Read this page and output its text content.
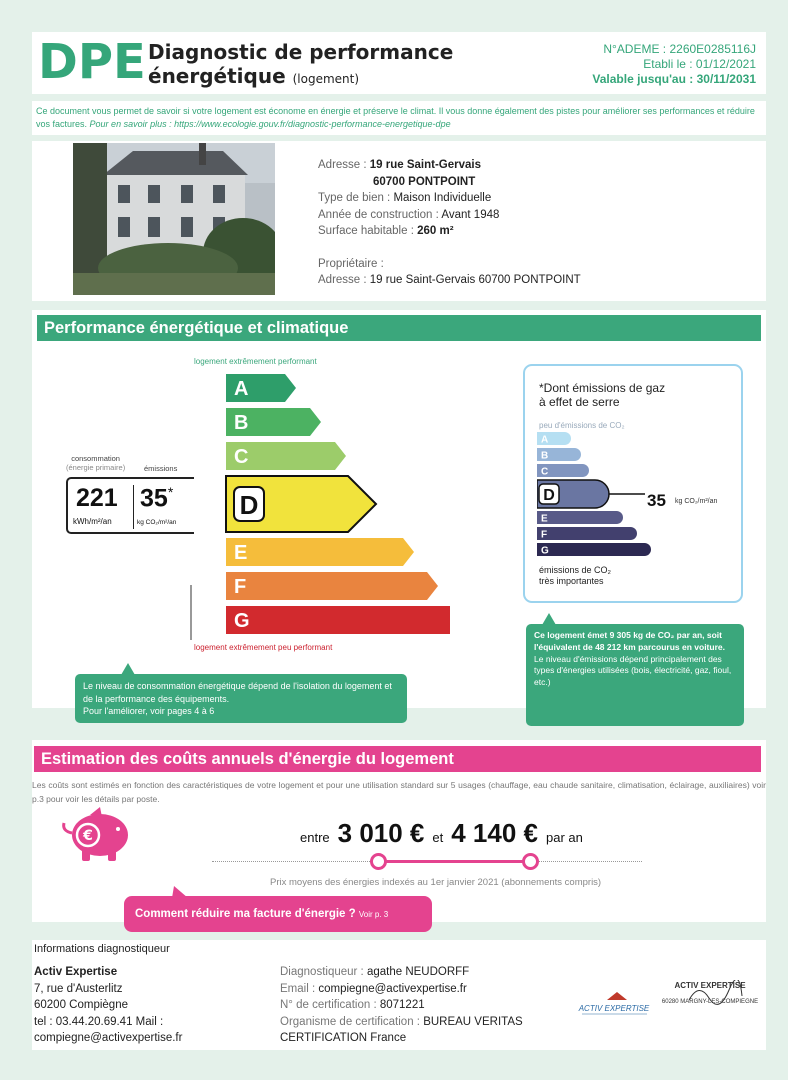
DPE Diagnostic de performance
énergétique (logement)
N°ADEME : 2260E0285116J
Etabli le : 01/12/2021
Valable jusqu'au : 30/11/2031
Ce document vous permet de savoir si votre logement est économe en énergie et préserve le climat. Il vous donne également des pistes pour améliorer ses performances et réduire vos factures. Pour en savoir plus : https://www.ecologie.gouv.fr/diagnostic-performance-energetique-dpe
Adresse : 19 rue Saint-Gervais
60700 PONTPOINT
Type de bien : Maison Individuelle
Année de construction : Avant 1948
Surface habitable : 260 m²
Propriétaire :
Adresse : 19 rue Saint-Gervais 60700 PONTPOINT
Performance énergétique et climatique
logement extrêmement performant
logement extrêmement peu performant
A
B
C
D
E
F
G
consommation
(énergie primaire)	émissions
221
kWh/m²/an
35*
kg CO₂/m²/an
*Dont émissions de gaz
à effet de serre
peu d'émissions de CO₂
A
B
C
D
E
F
G
35 kg CO₂/m²/an
émissions de CO₂
très importantes
Le niveau de consommation énergétique dépend de l'isolation du logement et de la performance des équipements.
Pour l'améliorer, voir pages 4 à 6
Ce logement émet 9 305 kg de CO₂ par an, soit l'équivalent de 48 212 km parcourus en voiture.
Le niveau d'émissions dépend principalement des types d'énergies utilisées (bois, électricité, gaz, fioul, etc.)
Estimation des coûts annuels d'énergie du logement
Les coûts sont estimés en fonction des caractéristiques de votre logement et pour une utilisation standard sur 5 usages (chauffage, eau chaude sanitaire, climatisation, éclairage, auxiliaires) voir p.3 pour voir les détails par poste.
€	entre 3 010 € et 4 140 € par an
Prix moyens des énergies indexés au 1er janvier 2021 (abonnements compris)
Comment réduire ma facture d'énergie ? Voir p. 3
Informations diagnostiqueur
Activ Expertise
7, rue d'Austerlitz
60200 Compiègne
tel : 03.44.20.69.41 Mail :
compiegne@activexpertise.fr
Diagnostiqueur : agathe NEUDORFF
Email : compiegne@activexpertise.fr
N° de certification : 8071221
Organisme de certification : BUREAU VERITAS
CERTIFICATION France
ACTIV EXPERTISE
ACTIV EXPERTISE
60280 MARGNY-LES-COMPIEGNE
